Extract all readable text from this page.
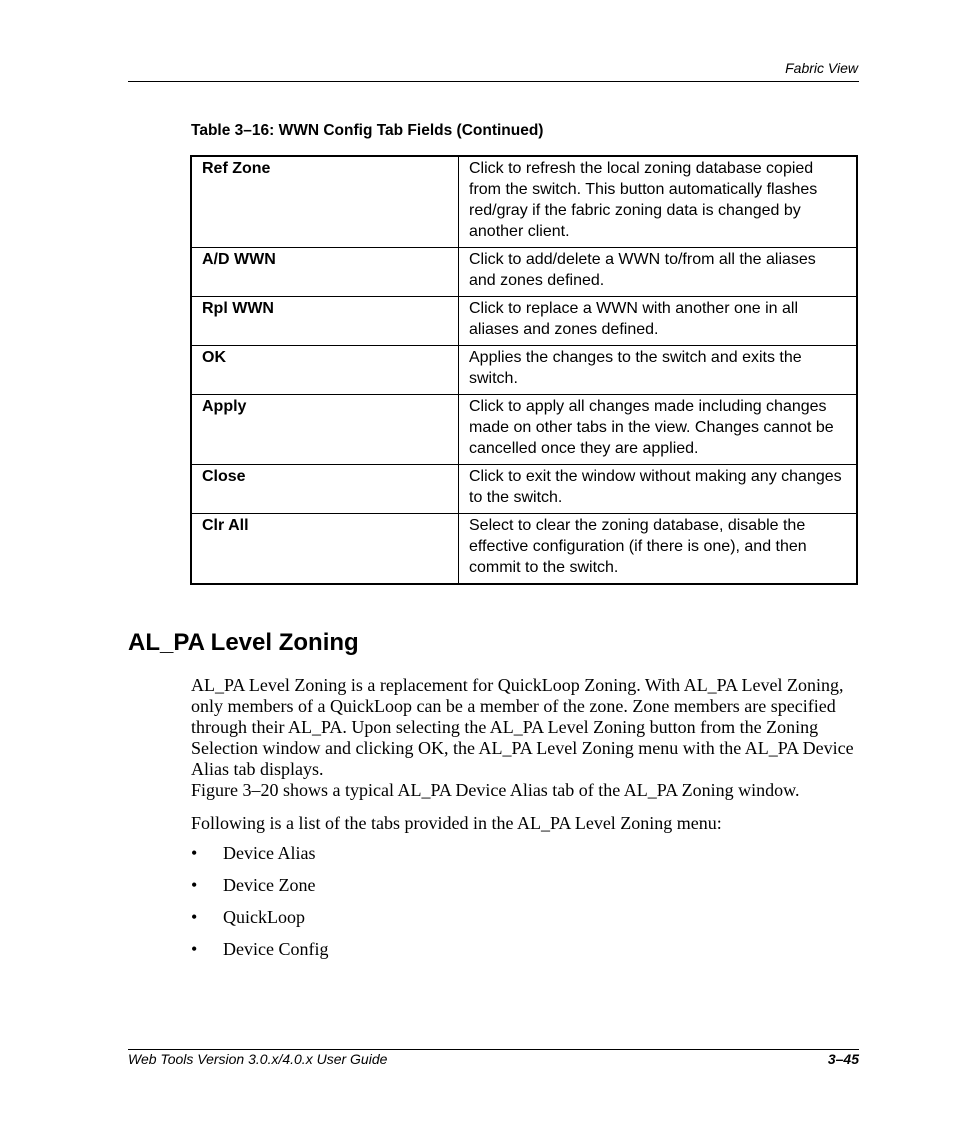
Fabric View
Table 3–16: WWN Config Tab Fields (Continued)
Ref Zone	Click to refresh the local zoning database copied from the switch. This button automatically flashes red/gray if the fabric zoning data is changed by another client.
A/D WWN	Click to add/delete a WWN to/from all the aliases and zones defined.
Rpl WWN	Click to replace a WWN with another one in all aliases and zones defined.
OK	Applies the changes to the switch and exits the switch.
Apply	Click to apply all changes made including changes made on other tabs in the view. Changes cannot be cancelled once they are applied.
Close	Click to exit the window without making any changes to the switch.
Clr All	Select to clear the zoning database, disable the effective configuration (if there is one), and then commit to the switch.
AL_PA Level Zoning

AL_PA Level Zoning is a replacement for QuickLoop Zoning. With AL_PA Level Zoning, only members of a QuickLoop can be a member of the zone. Zone members are specified through their AL_PA. Upon selecting the AL_PA Level Zoning button from the Zoning Selection window and clicking OK, the AL_PA Level Zoning menu with the AL_PA Device Alias tab displays.

Figure 3–20 shows a typical AL_PA Device Alias tab of the AL_PA Zoning window.

Following is a list of the tabs provided in the AL_PA Level Zoning menu:

• Device Alias
• Device Zone
• QuickLoop
• Device Config
Web Tools Version 3.0.x/4.0.x User Guide	3–45
